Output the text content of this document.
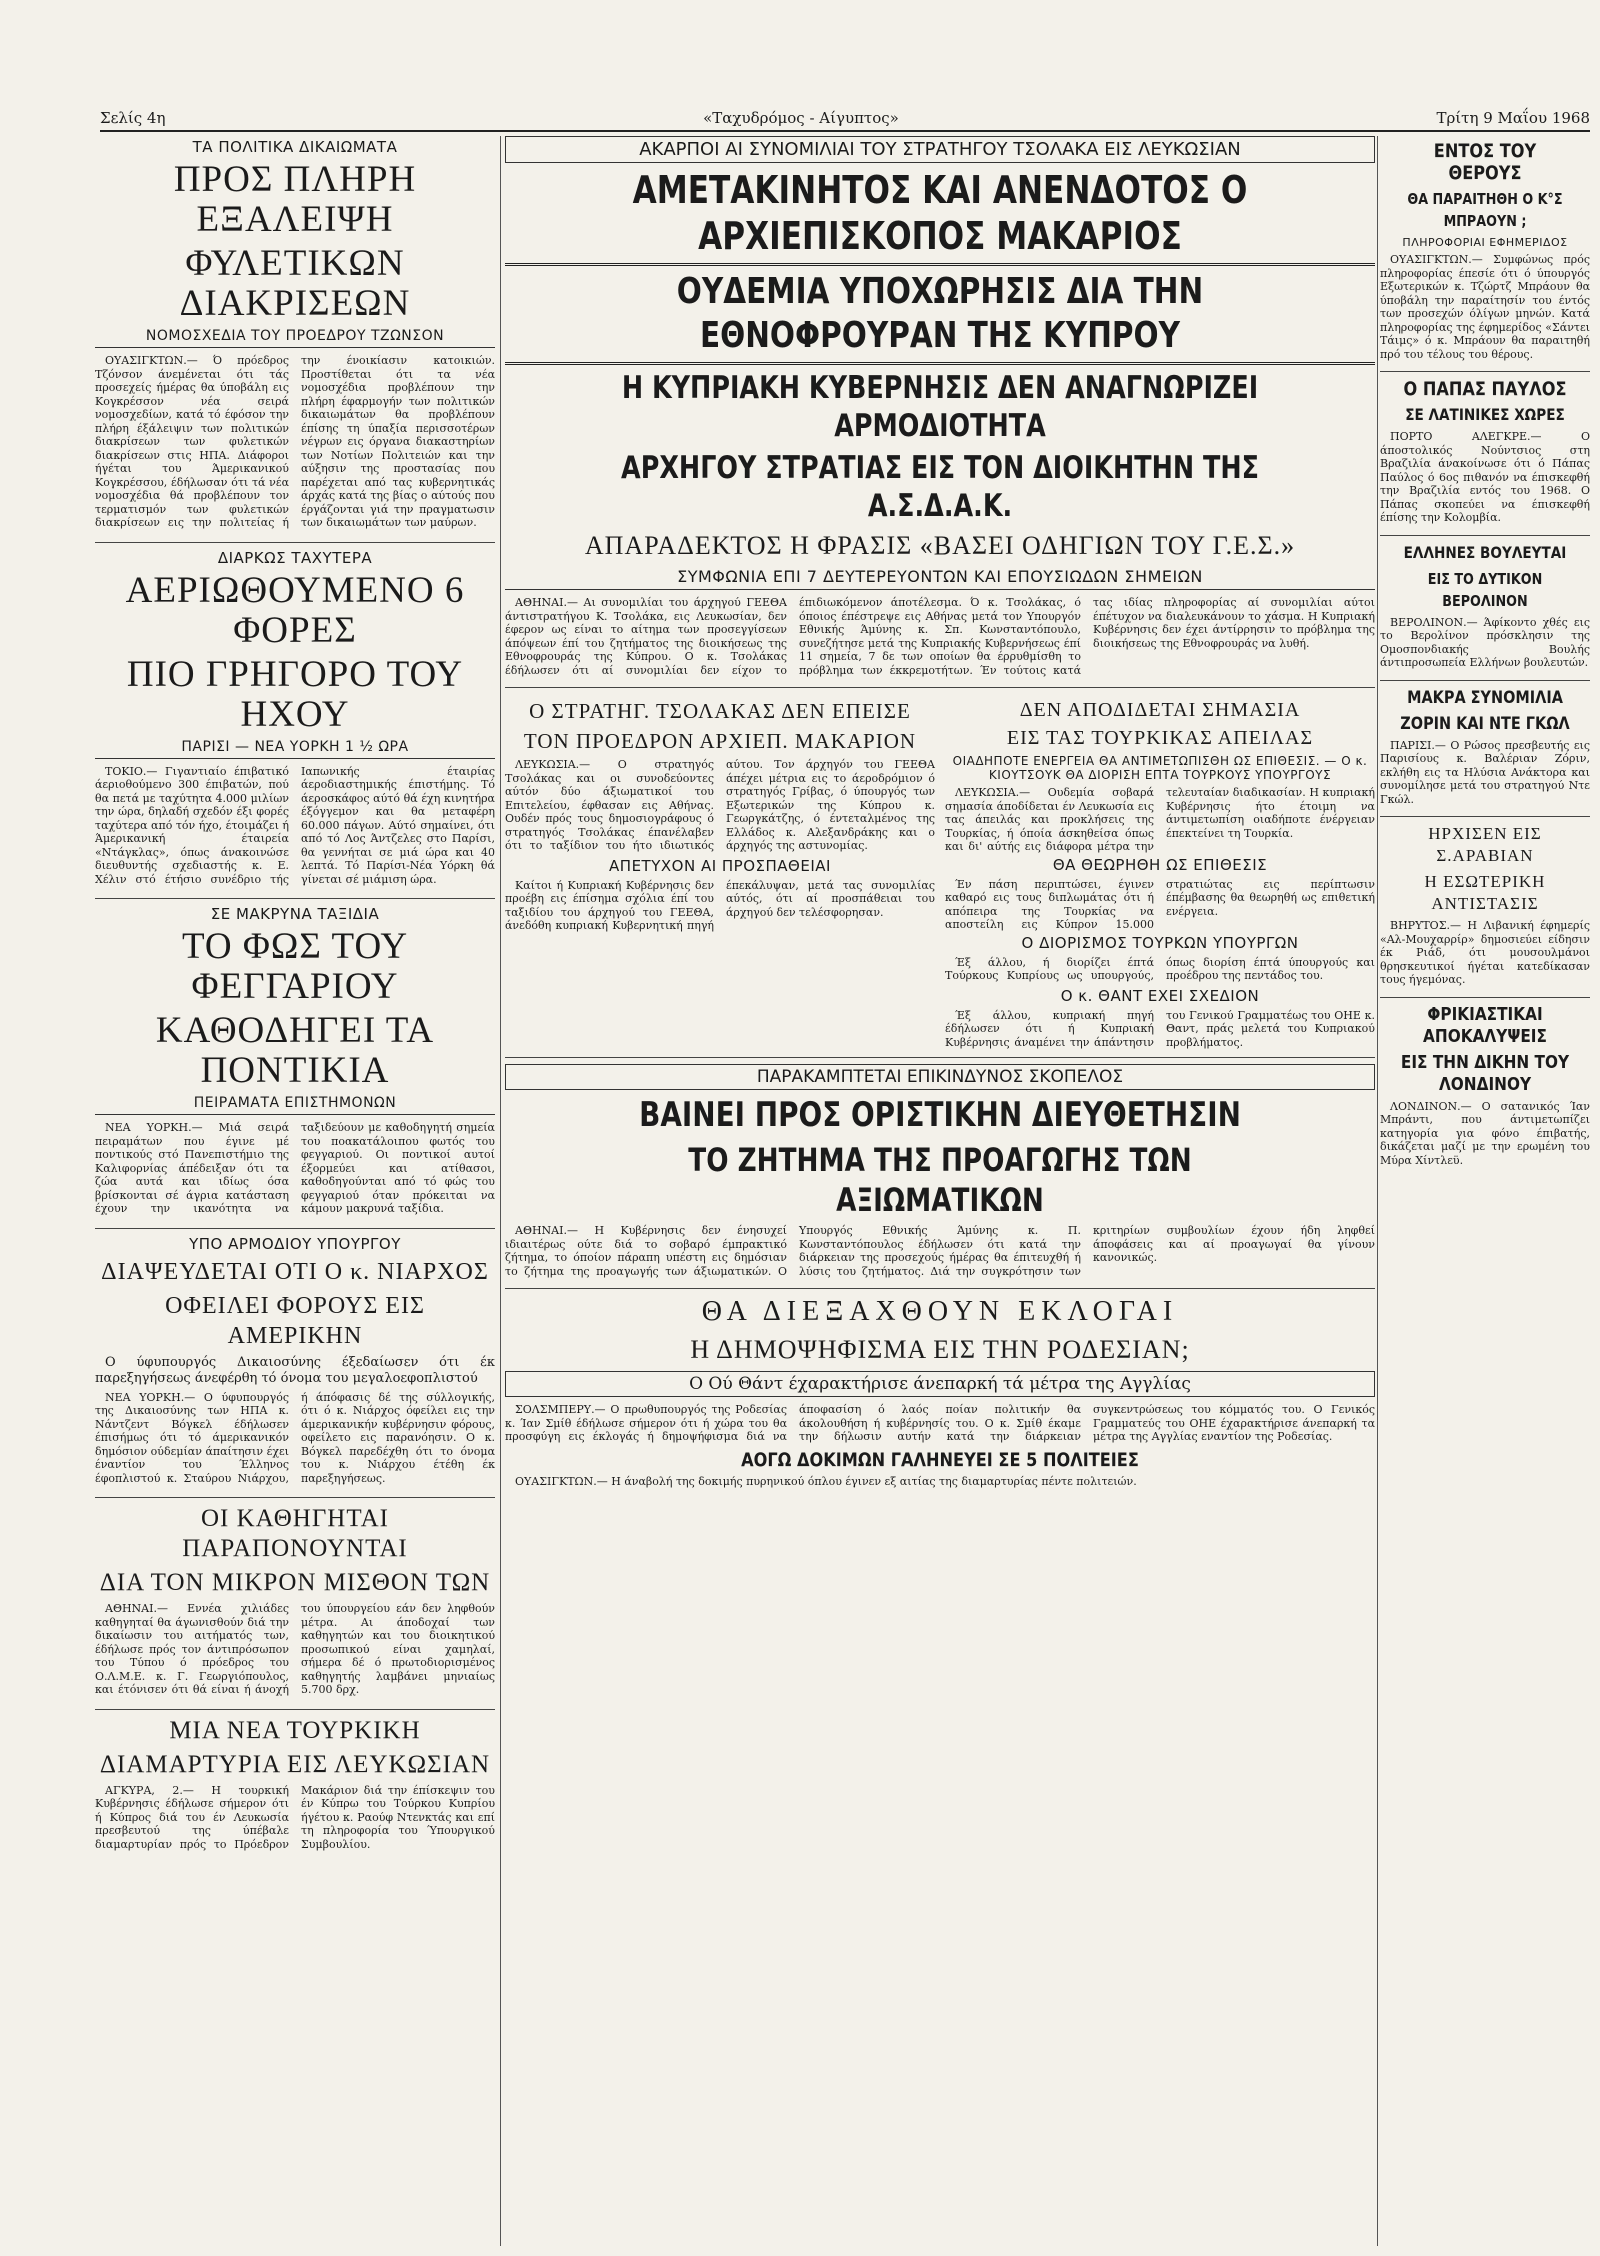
Σελίς 4η	«Ταχυδρόμος - Αίγυπτος»	Τρίτη 9 Μαΐου 1968
ΤΑ ΠΟΛΙΤΙΚΑ ΔΙΚΑΙΩΜΑΤΑ
ΠΡΟΣ ΠΛΗΡΗ ΕΞΑΛΕΙΨΗ
ΦΥΛΕΤΙΚΩΝ ΔΙΑΚΡΙΣΕΩΝ
ΝΟΜΟΣΧΕΔΙΑ ΤΟΥ ΠΡΟΕΔΡΟΥ ΤΖΩΝΣΟΝ

ΟΥΑΣΙΓΚΤΩΝ.— Ό πρόεδρος Τζόνσον άνεμένεται ότι τάς προσεχείς ήμέρας θα ύποβάλη εις Κογκρέσσον νέα σειρά νομοσχεδίων, κατά τό έφόσον την πλήρη έξάλειψιν των πολιτικών διακρίσεων των φυλετικών διακρίσεων στις ΗΠΑ. Διάφοροι ήγέται του Άμερικανικού Κογκρέσσου, έδήλωσαν ότι τά νέα νομοσχέδια θά προβλέπουν τον τερματισμόν των φυλετικών διακρίσεων εις την πολιτείας ή την ένοικίασιν κατοικιών. Προστίθεται ότι τα νέα νομοσχέδια προβλέπουν την πλήρη έφαρμογήν των πολιτικών δικαιωμάτων θα προβλέπουν έπίσης τη ύπαξία περισσοτέρων νέγρων εις όργανα διακαστηρίων των Νοτίων Πολιτειών και την αύξησιν της προστασίας που παρέχεται από τας κυβερνητικάς άρχάς κατά της βίας ο αύτούς που έργάζονται γιά την πραγματωσιν των δικαιωμάτων των μαύρων.

ΔΙΑΡΚΩΣ ΤΑΧΥΤΕΡΑ
ΑΕΡΙΩΘΟΥΜΕΝΟ 6 ΦΟΡΕΣ
ΠΙΟ ΓΡΗΓΟΡΟ ΤΟΥ ΗΧΟΥ
ΠΑΡΙΣΙ — ΝΕΑ ΥΟΡΚΗ 1 ½ ΩΡΑ

ΤΟΚΙΟ.— Γιγαντιαίο έπιβατικό άεριοθούμενο 300 έπιβατών, πού θα πετά με ταχύτητα 4.000 μιλίων την ώρα, δηλαδή σχεδόν έξι φορές ταχύτερα από τόν ήχο, έτοιμάζει ή Άμερικανική έταιρεία «Ντάγκλας», όπως άνακοινώσε διευθυντής σχεδιαστής κ. Ε. Χέλιν στό έτήσιο συνέδριο τής Ιαπωνικής έταιρίας άεροδιαστημικής έπιστήμης. Τό άεροσκάφος αύτό θά έχη κινητήρα έξόγγεμον και θα μεταφέρη 60.000 πάγων. Αύτό σημαίνει, ότι από τό Λος Άντζελες στο Παρίσι, θα γεννήται σε μιά ώρα και 40 λεπτά. Τό Παρίσι-Νέα Υόρκη θά γίνεται σέ μιάμιση ώρα.

ΣΕ ΜΑΚΡΥΝΑ ΤΑΞΙΔΙΑ
ΤΟ ΦΩΣ ΤΟΥ ΦΕΓΓΑΡΙΟΥ
ΚΑΘΟΔΗΓΕΙ ΤΑ ΠΟΝΤΙΚΙΑ
ΠΕΙΡΑΜΑΤΑ ΕΠΙΣΤΗΜΟΝΩΝ

ΝΕΑ ΥΟΡΚΗ.— Μιά σειρά πειραμάτων που έγινε μέ ποντικούς στό Πανεπιστήμιο της Καλιφορνίας άπέδειξαν ότι τα ζώα αυτά και ιδίως όσα βρίσκονται σέ άγρια κατάσταση έχουν την ικανότητα να ταξιδεύουν με καθοδηγητή σημεία του ποακατάλοιπου φωτός του φεγγαριού. Οι ποντικοί αυτοί έξορμεύει και ατίθασοι, καθοδηγούνται από τό φώς του φεγγαριού όταν πρόκειται να κάμουν μακρυνά ταξίδια.

ΥΠΟ ΑΡΜΟΔΙΟΥ ΥΠΟΥΡΓΟΥ
ΔΙΑΨΕΥΔΕΤΑΙ ΟΤΙ Ο κ. ΝΙΑΡΧΟΣ
ΟΦΕΙΛΕΙ ΦΟΡΟΥΣ ΕΙΣ ΑΜΕΡΙΚΗΝ

Ο ύφυπουργός Δικαιοσύνης έξεδαίωσεν ότι έκ παρεξηγήσεως άνεφέρθη τό όνομα του μεγαλοεφοπλιστού

ΝΕΑ ΥΟΡΚΗ.— Ο ύφυπουργός της Δικαιοσύνης των ΗΠΑ κ. Νάντζεντ Βόγκελ έδήλωσεν έπισήμως ότι τό άμερικανικόν δημόσιον ούδεμίαν άπαίτησιν έχει έναντίον του Έλληνος έφοπλιστού κ. Σταύρου Νιάρχου, ή άπόφασις δέ της σύλλογικής, ότι ό κ. Νιάρχος όφείλει εις την άμερικανικήν κυβέρνησιν φόρους, οφείλετο εις παρανόησιν. Ο κ. Βόγκελ παρεδέχθη ότι το όνομα του κ. Νιάρχου έτέθη έκ παρεξηγήσεως.

ΟΙ ΚΑΘΗΓΗΤΑΙ ΠΑΡΑΠΟΝΟΥΝΤΑΙ
ΔΙΑ ΤΟΝ ΜΙΚΡΟΝ ΜΙΣΘΟΝ ΤΩΝ

ΑΘΗΝΑΙ.— Εννέα χιλιάδες καθηγηταί θα άγωνισθούν διά την δικαίωσιν του αιτήματός των, έδήλωσε πρός τον άντιπρόσωπον του Τύπου ό πρόεδρος του Ο.Λ.Μ.Ε. κ. Γ. Γεωργιόπουλος, και έτόνισεν ότι θά είναι ή άνοχή του ύπουργείου εάν δεν ληφθούν μέτρα. Αι άποδοχαί των καθηγητών και του διοικητικού προσωπικού είναι χαμηλαί, σήμερα δέ ό πρωτοδιορισμένος καθηγητής λαμβάνει μηνιαίως 5.700 δρχ.

ΜΙΑ ΝΕΑ ΤΟΥΡΚΙΚΗ
ΔΙΑΜΑΡΤΥΡΙΑ ΕΙΣ ΛΕΥΚΩΣΙΑΝ

ΑΓΚΥΡΑ, 2.— Η τουρκική Κυβέρνησις έδήλωσε σήμερον ότι ή Κύπρος διά του έν Λευκωσία πρεσβευτού της ύπέβαλε διαμαρτυρίαν πρός το Πρόεδρον Μακάριον διά την έπίσκεψιν του έν Κύπρω του Τούρκου Κυπρίου ήγέτου κ. Ραούφ Ντενκτάς και επί τη πληροφορία του Ύπουργικού Συμβουλίου.

ΑΚΑΡΠΟΙ ΑΙ ΣΥΝΟΜΙΛΙΑΙ ΤΟΥ ΣΤΡΑΤΗΓΟΥ ΤΣΟΛΑΚΑ ΕΙΣ ΛΕΥΚΩΣΙΑΝ
ΑΜΕΤΑΚΙΝΗΤΟΣ ΚΑΙ ΑΝΕΝΔΟΤΟΣ Ο ΑΡΧΙΕΠΙΣΚΟΠΟΣ ΜΑΚΑΡΙΟΣ
ΟΥΔΕΜΙΑ ΥΠΟΧΩΡΗΣΙΣ ΔΙΑ ΤΗΝ ΕΘΝΟΦΡΟΥΡΑΝ ΤΗΣ ΚΥΠΡΟΥ
Η ΚΥΠΡΙΑΚΗ ΚΥΒΕΡΝΗΣΙΣ ΔΕΝ ΑΝΑΓΝΩΡΙΖΕΙ ΑΡΜΟΔΙΟΤΗΤΑ
ΑΡΧΗΓΟΥ ΣΤΡΑΤΙΑΣ ΕΙΣ ΤΟΝ ΔΙΟΙΚΗΤΗΝ ΤΗΣ Α.Σ.Δ.Α.Κ.
ΑΠΑΡΑΔΕΚΤΟΣ Η ΦΡΑΣΙΣ «ΒΑΣΕΙ ΟΔΗΓΙΩΝ ΤΟΥ Γ.Ε.Σ.»
ΣΥΜΦΩΝΙΑ ΕΠΙ 7 ΔΕΥΤΕΡΕΥΟΝΤΩΝ ΚΑΙ ΕΠΟΥΣΙΩΔΩΝ ΣΗΜΕΙΩΝ

ΑΘΗΝΑΙ.— Αι συνομιλίαι του άρχηγού ΓΕΕΘΑ άντιστρατήγου Κ. Τσολάκα, εις Λευκωσίαν, δεν έφερον ως είναι το αίτημα των προσεγγίσεων άπόψεων έπί του ζητήματος της διοικήσεως της Εθνοφρουράς της Κύπρου. Ο κ. Τσολάκας έδήλωσεν ότι αί συνομιλίαι δεν είχον το έπιδιωκόμενον άποτέλεσμα. Ό κ. Τσολάκας, ό όποιος έπέστρεψε εις Αθήνας μετά τον Υπουργόν Εθνικής Άμύνης κ. Σπ. Κωνσταντόπουλο, συνεζήτησε μετά της Κυπριακής Κυβερνήσεως έπί 11 σημεία, 7 δε των οποίων θα έρρυθμίσθη το πρόβλημα των έκκρεμοτήτων. Έν τούτοις κατά τας ιδίας πληροφορίας αί συνομιλίαι αύτοι έπέτυχον να διαλευκάνουν το χάσμα. Η Κυπριακή Κυβέρνησις δεν έχει άντίρρησιν το πρόβλημα της διοικήσεως της Εθνοφρουράς να λυθή.

Ο ΣΤΡΑΤΗΓ. ΤΣΟΛΑΚΑΣ ΔΕΝ ΕΠΕΙΣΕ
ΤΟΝ ΠΡΟΕΔΡΟΝ ΑΡΧΙΕΠ. ΜΑΚΑΡΙΟΝ

ΛΕΥΚΩΣΙΑ.— Ο στρατηγός Τσολάκας και οι συνοδεύοντες αύτόν δύο άξιωματικοί του Επιτελείου, έφθασαν εις Αθήνας. Ουδέν πρός τους δημοσιογράφους ό στρατηγός Τσολάκας έπανέλαβεν ότι το ταξίδιον του ήτο ιδιωτικός αύτου. Τον άρχηγόν του ΓΕΕΘΑ άπέχει μέτρια εις το άεροδρόμιον ό στρατηγός Γρίβας, ό ύπουργός των Εξωτερικών της Κύπρου κ. Γεωργκάτζης, ό έντεταλμένος της Ελλάδος κ. Αλεξανδράκης και ο άρχηγός της αστυνομίας.

ΑΠΕΤΥΧΟΝ ΑΙ ΠΡΟΣΠΑΘΕΙΑΙ

Καίτοι ή Κυπριακή Κυβέρνησις δεν προέβη εις έπίσημα σχόλια έπί του ταξιδίου του άρχηγού του ΓΕΕΘΑ, άνεδόθη κυπριακή Κυβερνητική πηγή έπεκάλυψαν, μετά τας συνομιλίας αύτός, ότι αί προσπάθειαι του άρχηγού δεν τελέσφορησαν.

ΔΕΝ ΑΠΟΔΙΔΕΤΑΙ ΣΗΜΑΣΙΑ
ΕΙΣ ΤΑΣ ΤΟΥΡΚΙΚΑΣ ΑΠΕΙΛΑΣ
ΟΙΑΔΗΠΟΤΕ ΕΝΕΡΓΕΙΑ ΘΑ ΑΝΤΙΜΕΤΩΠΙΣΘΗ ΩΣ ΕΠΙΘΕΣΙΣ. — Ο κ. ΚΙΟΥΤΣΟΥΚ ΘΑ ΔΙΟΡΙΣΗ ΕΠΤΑ ΤΟΥΡΚΟΥΣ ΥΠΟΥΡΓΟΥΣ

ΛΕΥΚΩΣΙΑ.— Ουδεμία σοβαρά σημασία άποδίδεται έν Λευκωσία εις τας άπειλάς και προκλήσεις της Τουρκίας, ή όποία άσκηθείσα όπως και δι' αύτής εις διάφορα μέτρα την τελευταίαν διαδικασίαν. Η κυπριακή Κυβέρνησις ήτο έτοιμη να άντιμετωπίση οιαδήποτε ένέργειαν έπεκτείνει τη Τουρκία.

ΘΑ ΘΕΩΡΗΘΗ ΩΣ ΕΠΙΘΕΣΙΣ

Έν πάση περιπτώσει, έγινεν καθαρό εις τους διπλωμάτας ότι ή απόπειρα της Τουρκίας να αποστείλη εις Κύπρον 15.000 στρατιώτας εις περίπτωσιν έπέμβασης θα θεωρηθή ως επιθετική ενέργεια.

Ο ΔΙΟΡΙΣΜΟΣ ΤΟΥΡΚΩΝ ΥΠΟΥΡΓΩΝ

Έξ άλλου, ή διορίζει έπτά Τούρκους Κυπρίους ως υπουργούς, όπως διορίση έπτά ύπουργούς και προέδρου της πεντάδος του.

Ο κ. ΘΑΝΤ ΕΧΕΙ ΣΧΕΔΙΟΝ

Έξ άλλου, κυπριακή πηγή έδήλωσεν ότι ή Κυπριακή Κυβέρνησις άναμένει την άπάντησιν του Γενικού Γραμματέως του ΟΗΕ κ. Θαντ, πράς μελετά του Κυπριακού προβλήματος.

ΠΑΡΑΚΑΜΠΤΕΤΑΙ ΕΠΙΚΙΝΔΥΝΟΣ ΣΚΟΠΕΛΟΣ
ΒΑΙΝΕΙ ΠΡΟΣ ΟΡΙΣΤΙΚΗΝ ΔΙΕΥΘΕΤΗΣΙΝ
ΤΟ ΖΗΤΗΜΑ ΤΗΣ ΠΡΟΑΓΩΓΗΣ ΤΩΝ ΑΞΙΩΜΑΤΙΚΩΝ

ΑΘΗΝΑΙ.— Η Κυβέρνησις δεν ένησυχεί ιδιαιτέρως ούτε διά το σοβαρό έμπρακτικό ζήτημα, το όποίον πάραπη υπέστη εις δημόσιαν το ζήτημα της προαγωγής των άξιωματικών. Ο Υπουργός Εθνικής Άμύνης κ. Π. Κωνσταντόπουλος έδήλωσεν ότι κατά την διάρκειαν της προσεχούς ήμέρας θα έπιτευχθή ή λύσις του ζητήματος. Διά την συγκρότησιν των κριτηρίων συμβουλίων έχουν ήδη ληφθεί άποφάσεις και αί προαγωγαί θα γίνουν κανονικώς.

ΘΑ ΔΙΕΞΑΧΘΟΥΝ ΕΚΛΟΓΑΙ
Η ΔΗΜΟΨΗΦΙΣΜΑ ΕΙΣ ΤΗΝ ΡΟΔΕΣΙΑΝ;
Ο Ού Θάντ έχαρακτήρισε άνεπαρκή τά μέτρα της Αγγλίας

ΣΟΛΣΜΠΕΡΥ.— Ο πρωθυπουργός της Ροδεσίας κ. Ίαν Σμίθ έδήλωσε σήμερον ότι ή χώρα του θα προσφύγη εις έκλογάς ή δημοψήφισμα διά να άποφασίση ό λαός ποίαν πολιτικήν θα άκολουθήση ή κυβέρνησίς του. Ο κ. Σμίθ έκαμε την δήλωσιν αυτήν κατά την διάρκειαν συγκεντρώσεως του κόμματός του. Ο Γενικός Γραμματεύς του ΟΗΕ έχαρακτήρισε άνεπαρκή τα μέτρα της Αγγλίας εναντίον της Ροδεσίας.

ΑΟΓΩ ΔΟΚΙΜΩΝ ΓΑΛΗΝΕΥΕΙ ΣΕ 5 ΠΟΛΙΤΕΙΕΣ

ΟΥΑΣΙΓΚΤΩΝ.— Η άναβολή της δοκιμής πυρηνικού όπλου έγινεν εξ αιτίας της διαμαρτυρίας πέντε πολιτειών.

ΕΝΤΟΣ ΤΟΥ ΘΕΡΟΥΣ
ΘΑ ΠΑΡΑΙΤΗΘΗ Ο Κ°Σ ΜΠΡΑΟΥΝ ;
ΠΛΗΡΟΦΟΡΙΑΙ ΕΦΗΜΕΡΙΔΟΣ

ΟΥΑΣΙΓΚΤΩΝ.— Συμφώνως πρός πληροφορίας έπεσίε ότι ό ύπουργός Εξωτερικών κ. Τζώρτζ Μπράουν θα ύποβάλη την παραίτησίν του έντός των προσεχών όλίγων μηνών. Κατά πληροφορίας της έφημερίδος «Σάντει Τάιμς» ό κ. Μπράουν θα παραιτηθή πρό του τέλους του θέρους.

Ο ΠΑΠΑΣ ΠΑΥΛΟΣ
ΣΕ ΛΑΤΙΝΙΚΕΣ ΧΩΡΕΣ

ΠΟΡΤΟ ΑΛΕΓΚΡΕ.— Ο άποστολικός Νούντσιος στη Βραζιλία άνακοίνωσε ότι ό Πάπας Παύλος ό 6ος πιθανόν να έπισκεφθή την Βραζιλία εντός του 1968. Ο Πάπας σκοπεύει να έπισκεφθή έπίσης την Κολομβία.

ΕΛΛΗΝΕΣ ΒΟΥΛΕΥΤΑΙ
ΕΙΣ ΤΟ ΔΥΤΙΚΟΝ ΒΕΡΟΛΙΝΟΝ

ΒΕΡΟΛΙΝΟΝ.— Άφίκοντο χθές εις το Βερολίνον πρόσκλησιν της Ομοσπονδιακής Βουλής άντιπροσωπεία Ελλήνων βουλευτών.

ΜΑΚΡΑ ΣΥΝΟΜΙΛΙΑ
ΖΟΡΙΝ ΚΑΙ ΝΤΕ ΓΚΩΛ

ΠΑΡΙΣΙ.— Ο Ρώσος πρεσβευτής εις Παρισίους κ. Βαλέριαν Ζόριν, εκλήθη εις τα Ηλύσια Ανάκτορα και συνομίλησε μετά του στρατηγού Ντε Γκώλ.

ΗΡΧΙΣΕΝ ΕΙΣ Σ.ΑΡΑΒΙΑΝ
Η ΕΣΩΤΕΡΙΚΗ ΑΝΤΙΣΤΑΣΙΣ

ΒΗΡΥΤΟΣ.— Η Λιβανική έφημερίς «Αλ-Μουχαρρίρ» δημοσιεύει είδησιν έκ Ριάδ, ότι μουσουλμάνοι θρησκευτικοί ήγέται κατεδίκασαν τους ήγεμόνας.

ΦΡΙΚΙΑΣΤΙΚΑΙ ΑΠΟΚΑΛΥΨΕΙΣ
ΕΙΣ ΤΗΝ ΔΙΚΗΝ ΤΟΥ ΛΟΝΔΙΝΟΥ

ΛΟΝΔΙΝΟΝ.— Ο σατανικός Ίαν Μπράντι, που άντιμετωπίζει κατηγορία για φόνο έπιβατής, δικάζεται μαζί με την ερωμένη του Μύρα Χίντλεϋ.
